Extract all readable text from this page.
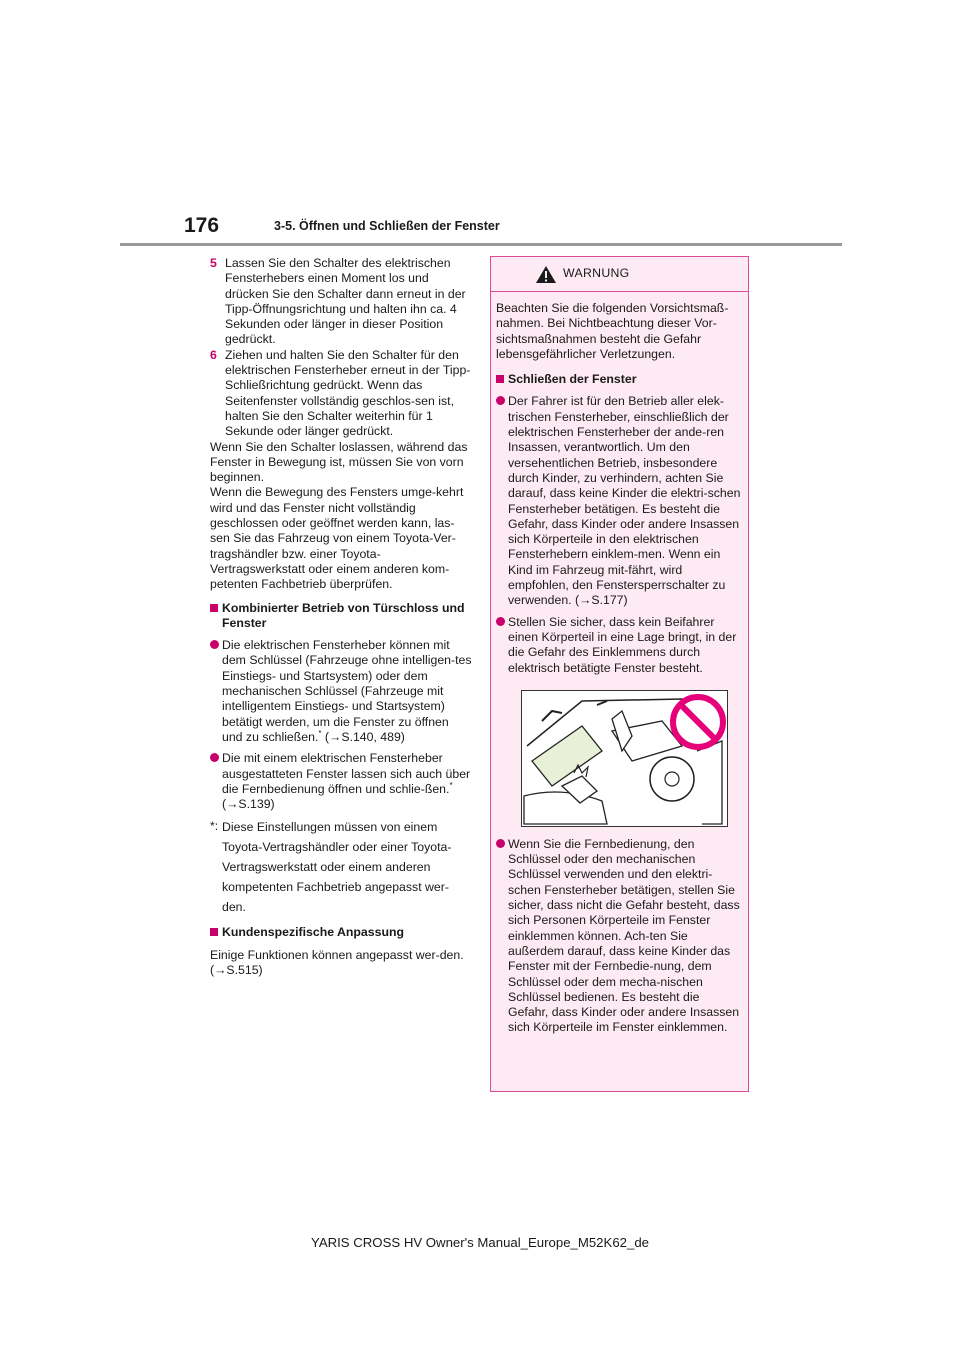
176	3-5. Öffnen und Schließen der Fenster

5 Lassen Sie den Schalter des elektrischen Fensterhebers einen Moment los und drücken Sie den Schalter dann erneut in der Tipp-Öffnungsrichtung und halten ihn ca. 4 Sekunden oder länger in dieser Position gedrückt.

6 Ziehen und halten Sie den Schalter für den elektrischen Fensterheber erneut in der Tipp-Schließrichtung gedrückt. Wenn das Seitenfenster vollständig geschlos-sen ist, halten Sie den Schalter weiterhin für 1 Sekunde oder länger gedrückt.

Wenn Sie den Schalter loslassen, während das Fenster in Bewegung ist, müssen Sie von vorn beginnen.

Wenn die Bewegung des Fensters umge-kehrt wird und das Fenster nicht vollständig geschlossen oder geöffnet werden kann, las-sen Sie das Fahrzeug von einem Toyota-Ver-tragshändler bzw. einer Toyota-Vertragswerkstatt oder einem anderen kom-petenten Fachbetrieb überprüfen.

Kombinierter Betrieb von Türschloss und Fenster

Die elektrischen Fensterheber können mit dem Schlüssel (Fahrzeuge ohne intelligen-tes Einstiegs- und Startsystem) oder dem mechanischen Schlüssel (Fahrzeuge mit intelligentem Einstiegs- und Startsystem) betätigt werden, um die Fenster zu öffnen und zu schließen.* (→S.140, 489)

Die mit einem elektrischen Fensterheber ausgestatteten Fenster lassen sich auch über die Fernbedienung öffnen und schlie-ßen.* (→S.139)

*: Diese Einstellungen müssen von einem Toyota-Vertragshändler oder einer Toyota-Vertragswerkstatt oder einem anderen kompetenten Fachbetrieb angepasst wer-den.

Kundenspezifische Anpassung

Einige Funktionen können angepasst wer-den. (→S.515)

WARNUNG

Beachten Sie die folgenden Vorsichtsmaß-nahmen. Bei Nichtbeachtung dieser Vor-sichtsmaßnahmen besteht die Gefahr lebensgefährlicher Verletzungen.

Schließen der Fenster

Der Fahrer ist für den Betrieb aller elek-trischen Fensterheber, einschließlich der elektrischen Fensterheber der ande-ren Insassen, verantwortlich. Um den versehentlichen Betrieb, insbesondere durch Kinder, zu verhindern, achten Sie darauf, dass keine Kinder die elektri-schen Fensterheber betätigen. Es besteht die Gefahr, dass Kinder oder andere Insassen sich Körperteile in den elektrischen Fensterhebern einklem-men. Wenn ein Kind im Fahrzeug mit-fährt, wird empfohlen, den Fenstersperrschalter zu verwenden. (→S.177)

Stellen Sie sicher, dass kein Beifahrer einen Körperteil in eine Lage bringt, in der die Gefahr des Einklemmens durch elektrisch betätigte Fenster besteht.

Wenn Sie die Fernbedienung, den Schlüssel oder den mechanischen Schlüssel verwenden und den elektri-schen Fensterheber betätigen, stellen Sie sicher, dass nicht die Gefahr besteht, dass sich Personen Körperteile im Fenster einklemmen können. Ach-ten Sie außerdem darauf, dass keine Kinder das Fenster mit der Fernbedie-nung, dem Schlüssel oder dem mecha-nischen Schlüssel bedienen. Es besteht die Gefahr, dass Kinder oder andere Insassen sich Körperteile im Fenster einklemmen.

YARIS CROSS HV Owner's Manual_Europe_M52K62_de
